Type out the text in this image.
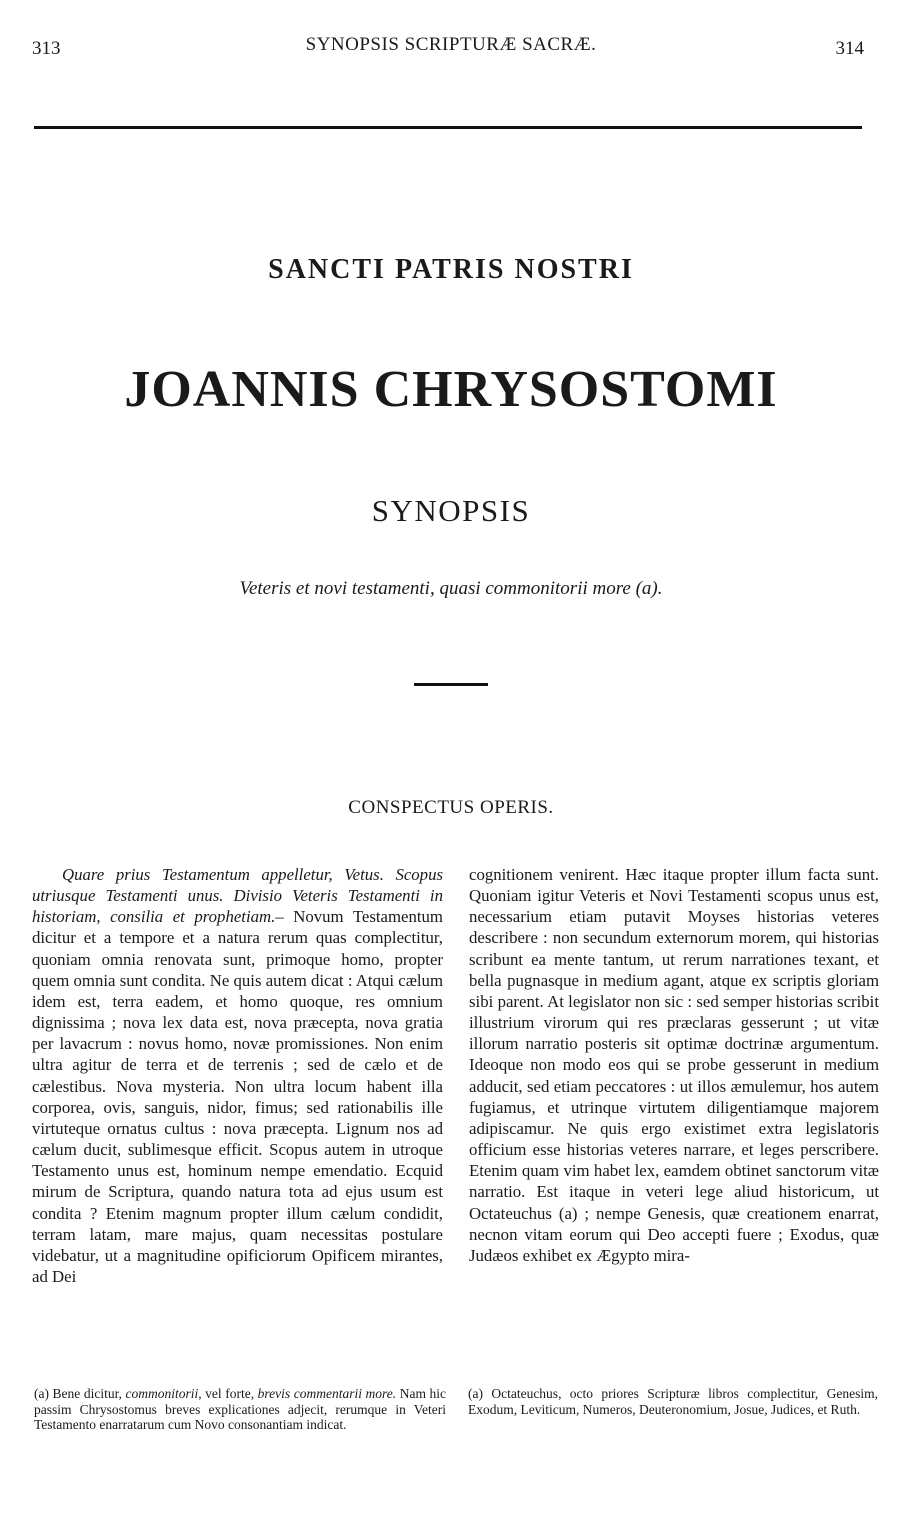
313	SYNOPSIS SCRIPTURÆ SACRÆ.	314
SANCTI PATRIS NOSTRI
JOANNIS CHRYSOSTOMI
SYNOPSIS
Veteris et novi testamenti, quasi commonitorii more (a).
CONSPECTUS OPERIS.
Quare prius Testamentum appelletur, Vetus. Scopus utriusque Testamenti unus. Divisio Veteris Testamenti in historiam, consilia et prophetiam.– Novum Testamentum dicitur et a tempore et a natura rerum quas complectitur, quoniam omnia renovata sunt, primoque homo, propter quem omnia sunt condita. Ne quis autem dicat : Atqui cælum idem est, terra eadem, et homo quoque, res omnium dignissima ; nova lex data est, nova præcepta, nova gratia per lavacrum : novus homo, novæ promissiones. Non enim ultra agitur de terra et de terrenis ; sed de cælo et de cælestibus. Nova mysteria. Non ultra locum habent illa corporea, ovis, sanguis, nidor, fimus; sed rationabilis ille virtuteque ornatus cultus : nova præcepta. Lignum nos ad cælum ducit, sublimesque efficit. Scopus autem in utroque Testamento unus est, hominum nempe emendatio. Ecquid mirum de Scriptura, quando natura tota ad ejus usum est condita ? Etenim magnum propter illum cælum condidit, terram latam, mare majus, quam necessitas postulare videbatur, ut a magnitudine opificiorum Opificem mirantes, ad Dei
cognitionem venirent. Hæc itaque propter illum facta sunt. Quoniam igitur Veteris et Novi Testamenti scopus unus est, necessarium etiam putavit Moyses historias veteres describere : non secundum externorum morem, qui historias scribunt ea mente tantum, ut rerum narrationes texant, et bella pugnasque in medium agant, atque ex scriptis gloriam sibi parent. At legislator non sic : sed semper historias scribit illustrium virorum qui res præclaras gesserunt ; ut vitæ illorum narratio posteris sit optimæ doctrinæ argumentum. Ideoque non modo eos qui se probe gesserunt in medium adducit, sed etiam peccatores : ut illos æmulemur, hos autem fugiamus, et utrinque virtutem diligentiamque majorem adipiscamur. Ne quis ergo existimet extra legislatoris officium esse historias veteres narrare, et leges perscribere. Etenim quam vim habet lex, eamdem obtinet sanctorum vitæ narratio. Est itaque in veteri lege aliud historicum, ut Octateuchus (a) ; nempe Genesis, quæ creationem enarrat, necnon vitam eorum qui Deo accepti fuere ; Exodus, quæ Judæos exhibet ex Ægypto mira-
(a) Bene dicitur, commonitorii, vel forte, brevis commentarii more. Nam hic passim Chrysostomus breves explicationes adjecit, rerumque in Veteri Testamento enarratarum cum Novo consonantiam indicat.
(a) Octateuchus, octo priores Scripturæ libros complectitur, Genesim, Exodum, Leviticum, Numeros, Deuteronomium, Josue, Judices, et Ruth.
